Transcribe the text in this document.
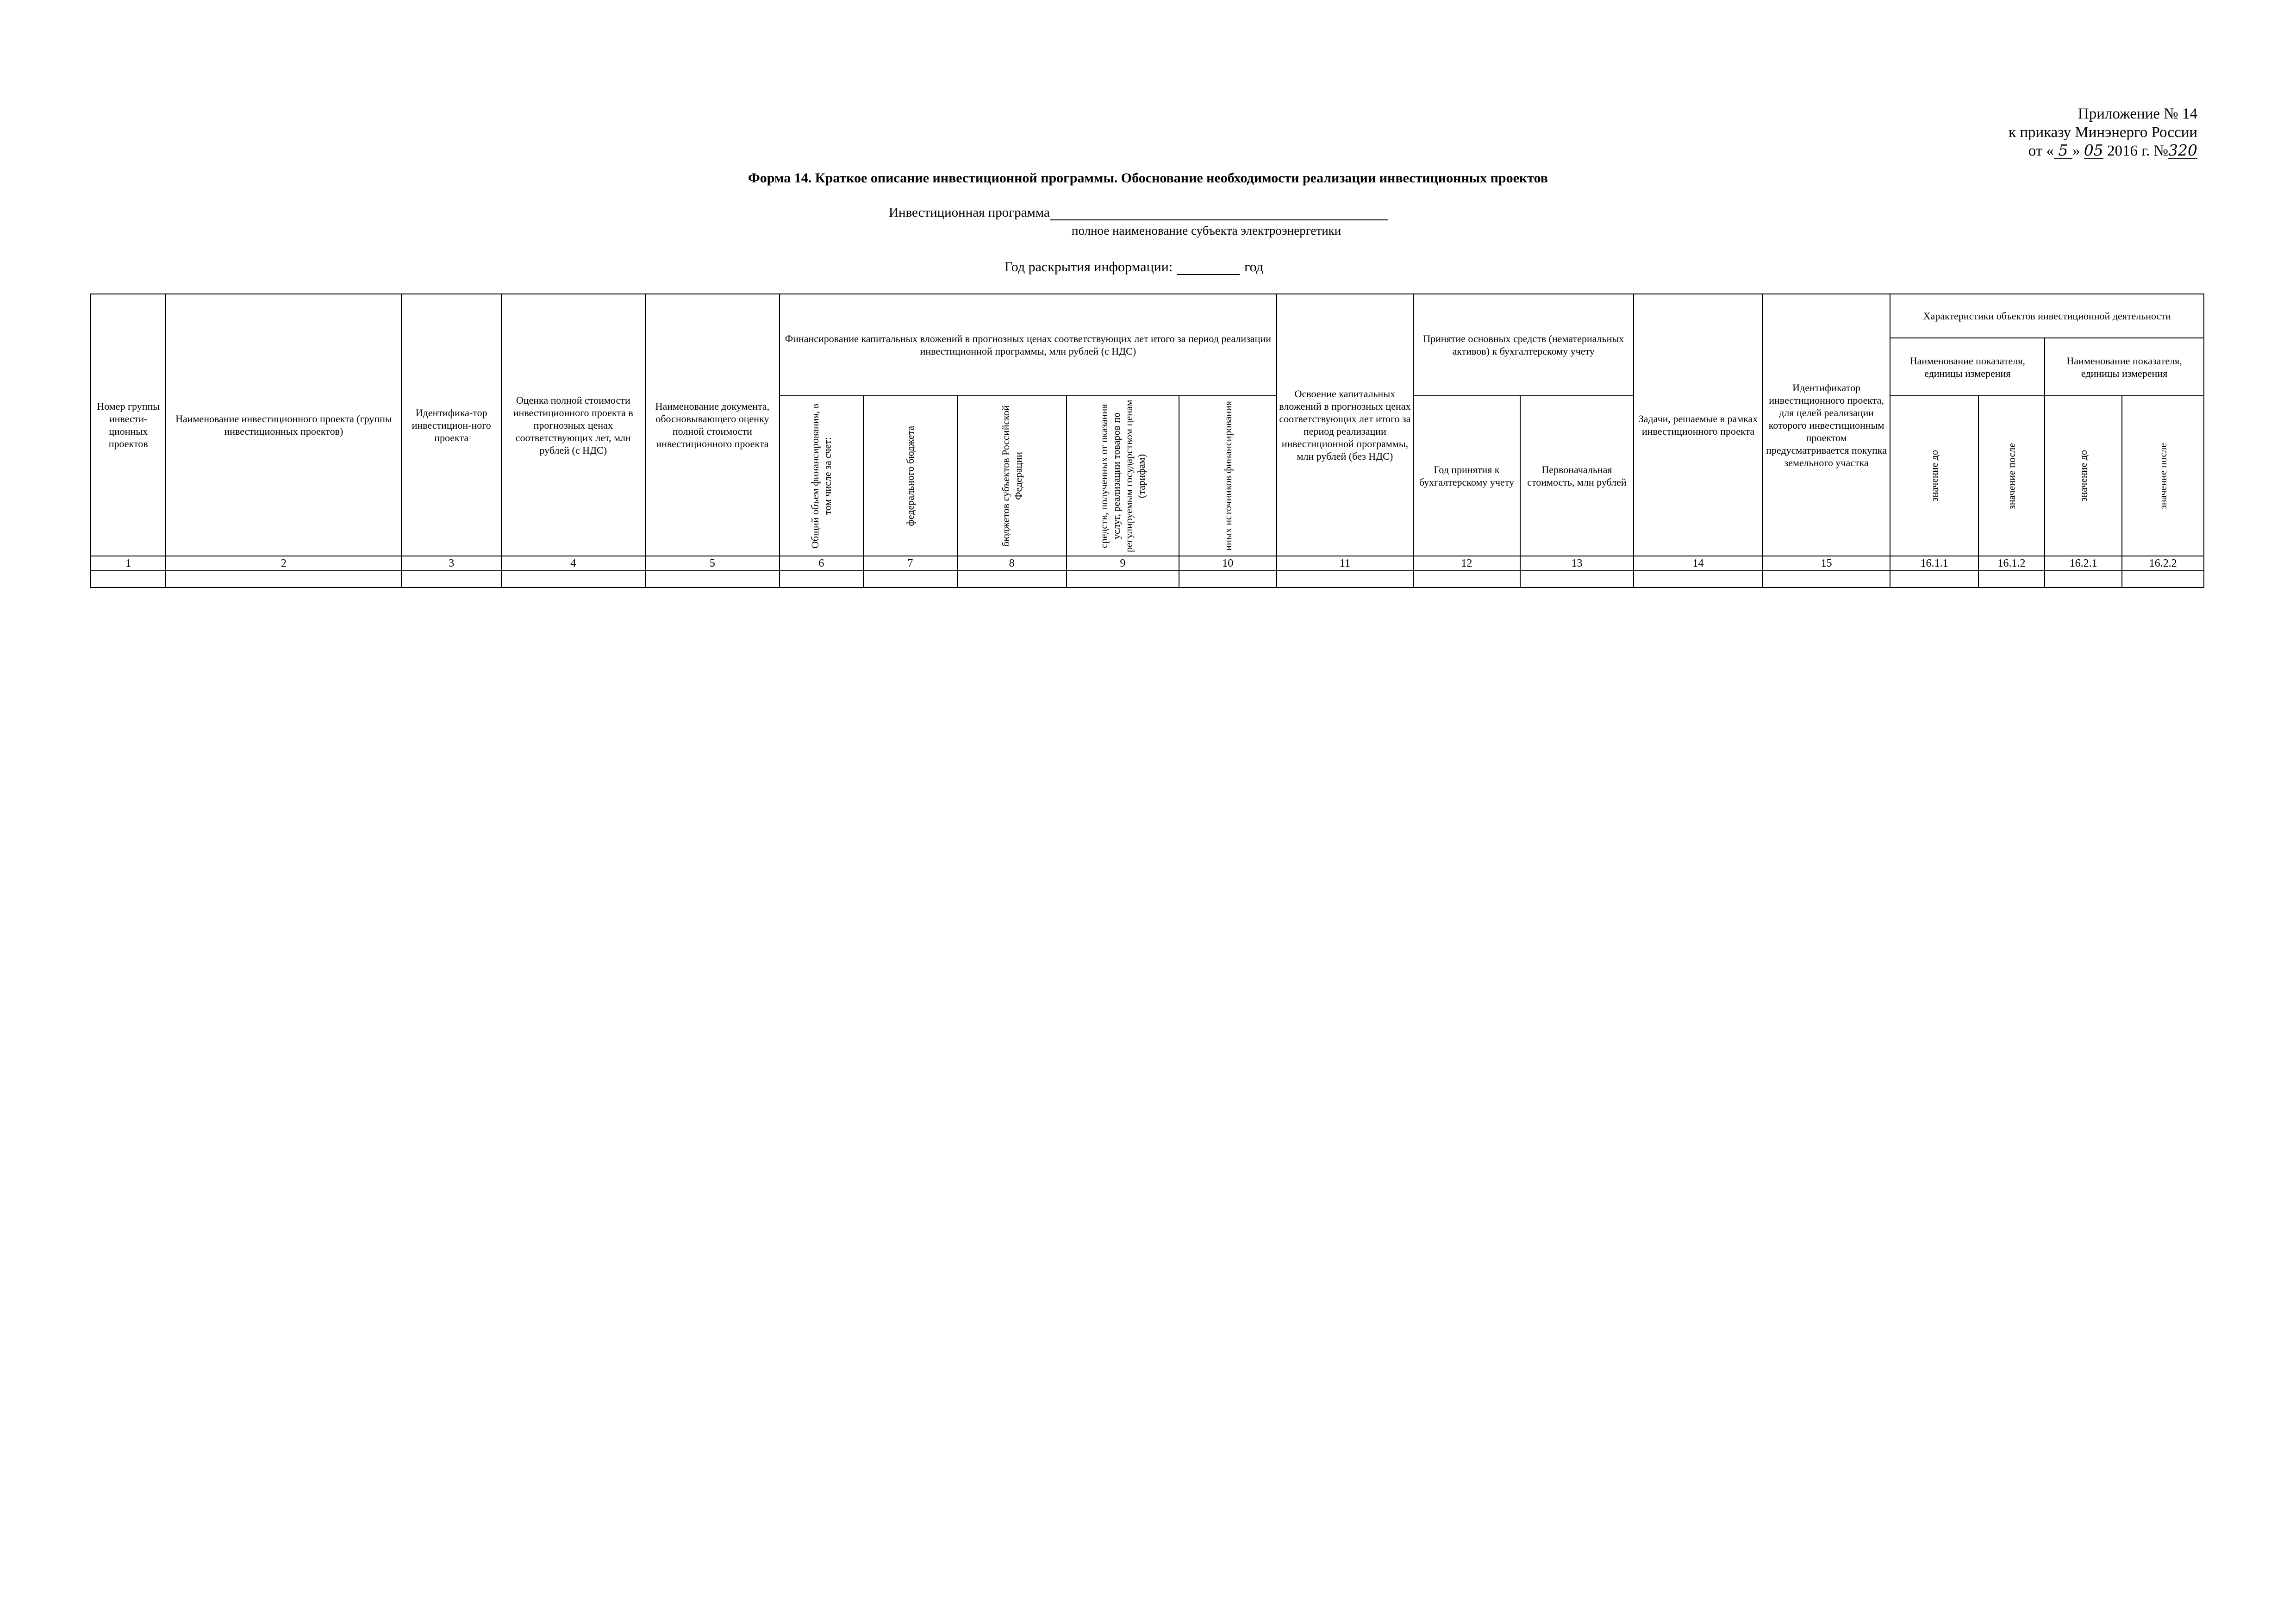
Приложение № 14
к приказу Минэнерго России
от « 5 » 05 2016 г. №320
Форма 14. Краткое описание инвестиционной программы. Обоснование необходимости реализации инвестиционных проектов
Инвестиционная программа
полное наименование субъекта электроэнергетики
Год раскрытия информации:	год
Номер группы инвести-ционных проектов	Наименование инвестиционного проекта (группы инвестиционных проектов)	Идентифика-тор инвестицион-ного проекта	Оценка полной стоимости инвестиционного проекта в прогнозных ценах соответствующих лет, млн рублей (с НДС)	Наименование документа, обосновывающего оценку полной стоимости инвестиционного проекта	Финансирование капитальных вложений в прогнозных ценах соответствующих лет итого за период реализации инвестиционной программы, млн рублей (с НДС)					Освоение капитальных вложений в прогнозных ценах соответствующих лет итого за период реализации инвестиционной программы, млн рублей (без НДС)	Принятие основных средств (нематериальных активов) к бухгалтерскому учету		Задачи, решаемые в рамках инвестиционного проекта	Идентификатор инвестиционного проекта, для целей реализации которого инвестиционным проектом предусматривается покупка земельного участка	Характеристики объектов инвестиционной деятельности			
															Наименование показателя, единицы измерения		Наименование показателя, единицы измерения	

					Общий объем финансирования, в том числе за счет:	федерального бюджета	бюджетов субъектов Российской Федерации	средств, полученных от оказания услуг, реализации товаров по регулируемым государством ценам (тарифам)	иных источников финансирования		Год принятия к бухгалтерскому учету	Первоначальная стоимость, млн рублей			значение до	значение после	значение до	значение после

1	2	3	4	5	6	7	8	9	10	11	12	13	14	15	16.1.1	16.1.2	16.2.1	16.2.2
